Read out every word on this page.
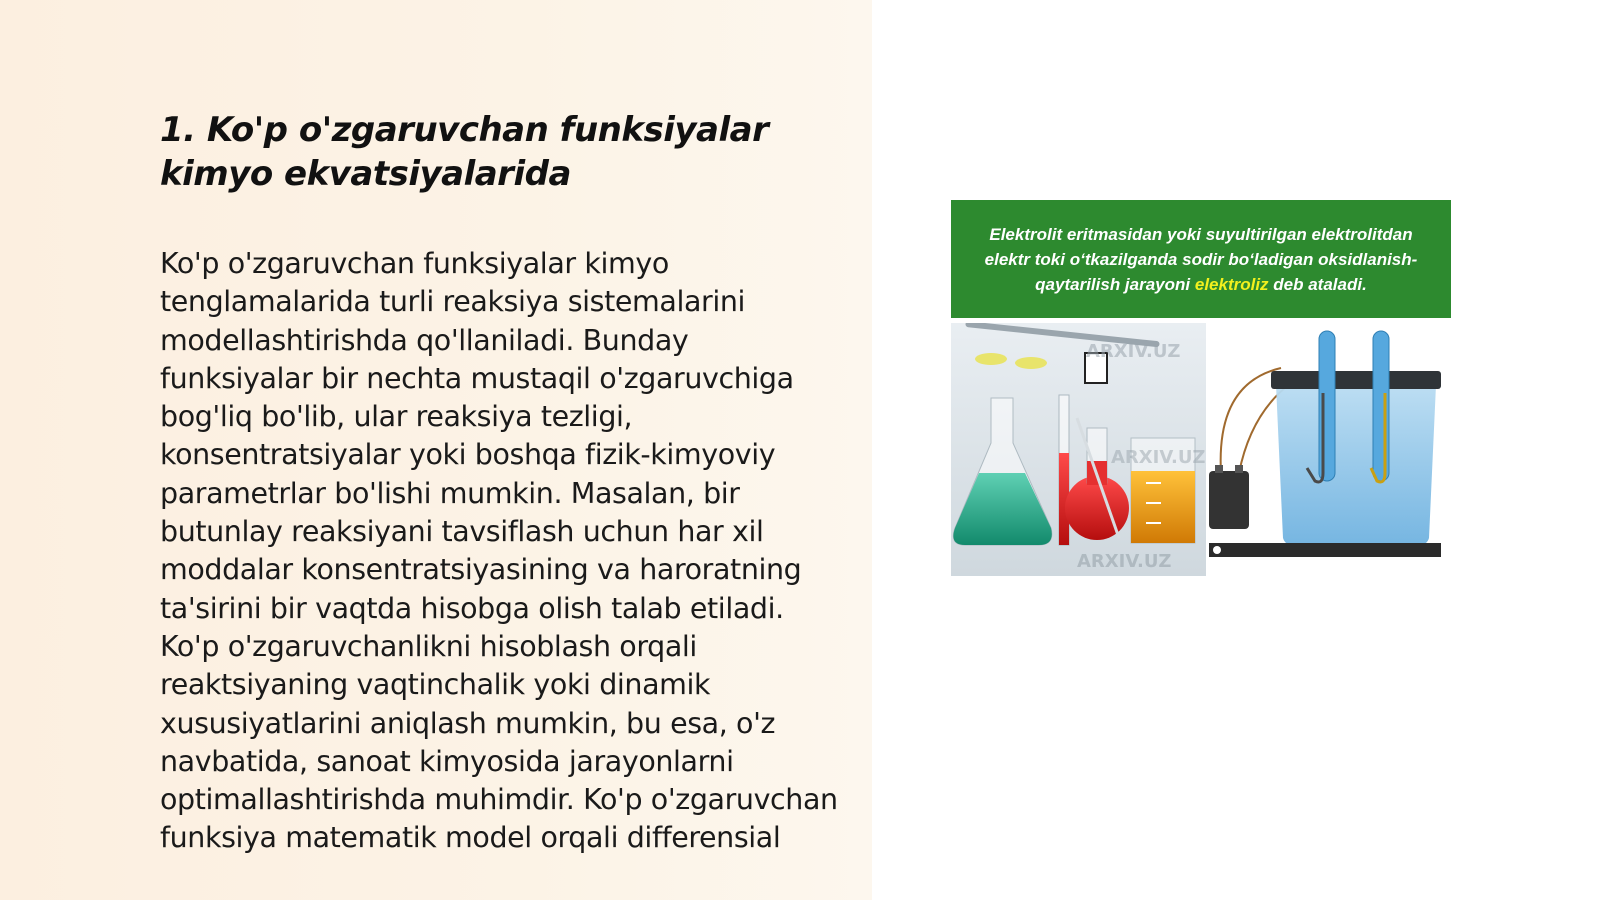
1. Ko'p o'zgaruvchan funksiyalar kimyo ekvatsiyalarida

Ko'p o'zgaruvchan funksiyalar kimyo tenglamalarida turli reaksiya sistemalarini modellashtirishda qo'llaniladi. Bunday funksiyalar bir nechta mustaqil o'zgaruvchiga bog'liq bo'lib, ular reaksiya tezligi, konsentratsiyalar yoki boshqa fizik-kimyoviy parametrlar bo'lishi mumkin. Masalan, bir butunlay reaksiyani tavsiflash uchun har xil moddalar konsentratsiyasining va haroratning ta'sirini bir vaqtda hisobga olish talab etiladi. Ko'p o'zgaruvchanlikni hisoblash orqali reaktsiyaning vaqtinchalik yoki dinamik xususiyatlarini aniqlash mumkin, bu esa, o'z navbatida, sanoat kimyosida jarayonlarni optimallashtirishda muhimdir. Ko'p o'zgaruvchan funksiya matematik model orqali differensial

Elektrolit eritmasidan yoki suyultirilgan elektrolitdan elektr toki o‘tkazilganda sodir bo‘ladigan oksidlanish-qaytarilish jarayoni elektroliz deb ataladi.

ARXIV.UZ
ARXIV.UZ
ARXIV.UZ
